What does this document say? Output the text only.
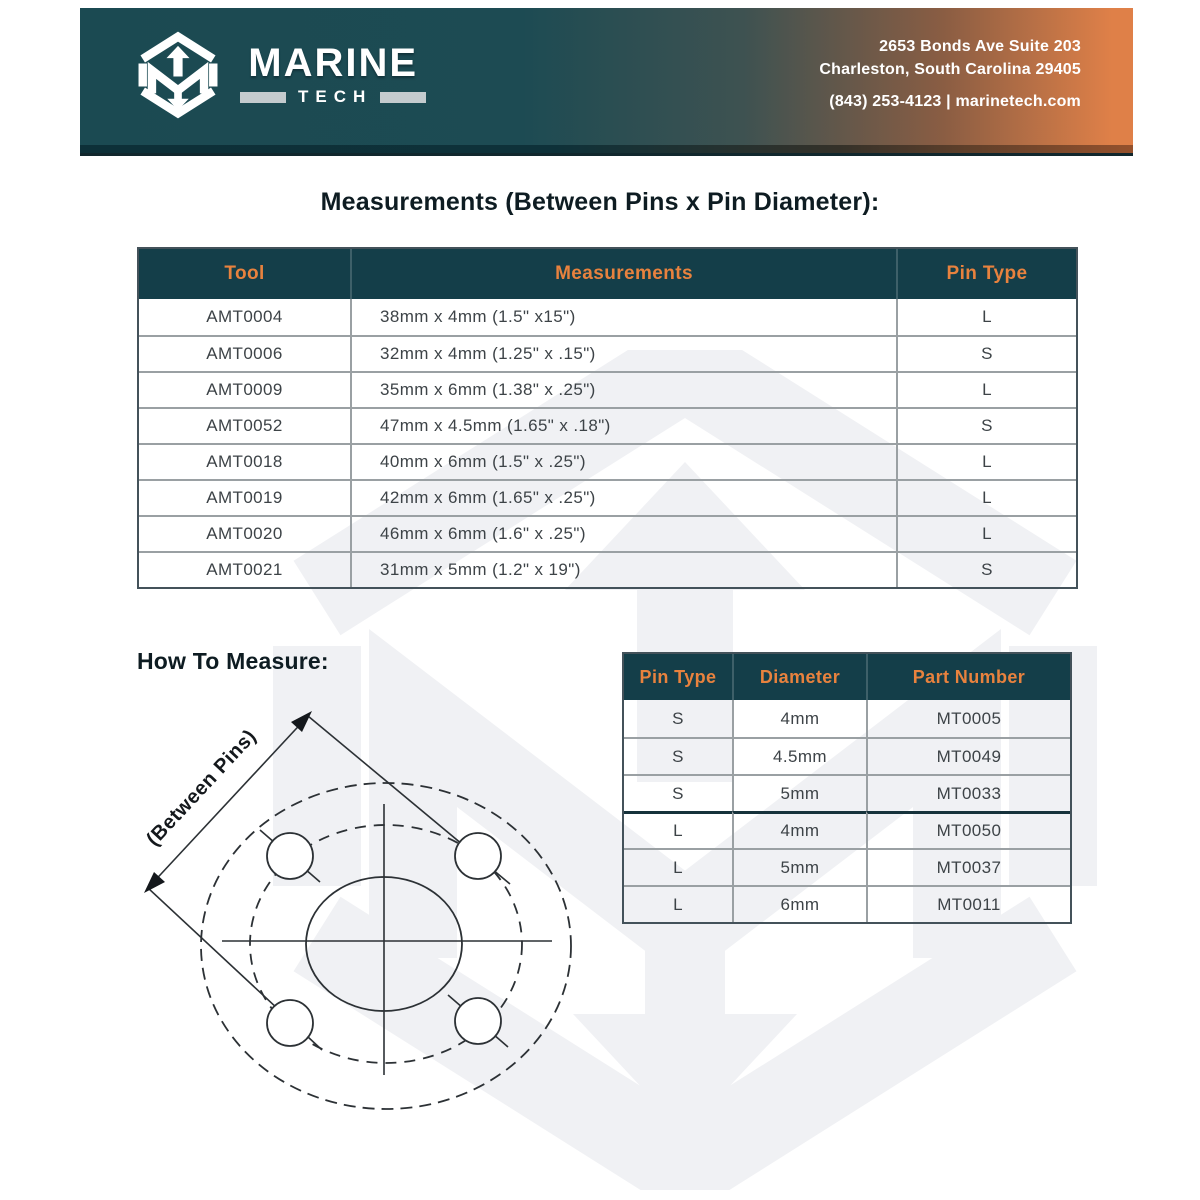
MARINE
TECH
2653 Bonds Ave Suite 203
Charleston, South Carolina 29405
(843) 253-4123 | marinetech.com
Measurements (Between Pins x Pin Diameter):
Tool	Measurements	Pin Type
AMT0004	38mm x 4mm (1.5" x15")	L
AMT0006	32mm x 4mm (1.25" x .15")	S
AMT0009	35mm x 6mm (1.38" x .25")	L
AMT0052	47mm x 4.5mm (1.65" x .18")	S
AMT0018	40mm x 6mm (1.5" x .25")	L
AMT0019	42mm x 6mm (1.65" x .25")	L
AMT0020	46mm x 6mm (1.6" x .25")	L
AMT0021	31mm x 5mm (1.2" x 19")	S
How To Measure:
(Between Pins)
Pin Type	Diameter	Part Number
S	4mm	MT0005
S	4.5mm	MT0049
S	5mm	MT0033
L	4mm	MT0050
L	5mm	MT0037
L	6mm	MT0011
